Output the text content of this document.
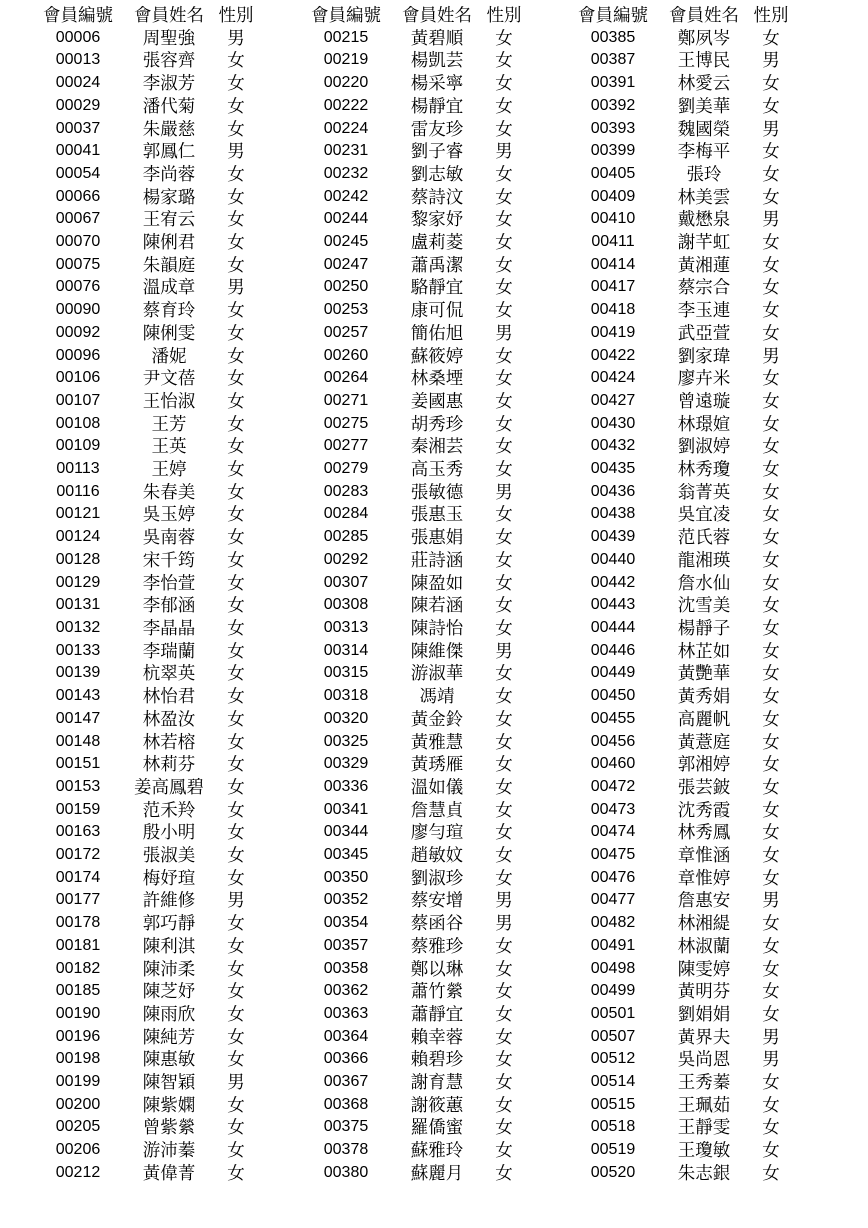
會員編號	會員姓名	性別
00006	周聖強	男
00013	張容齊	女
00024	李淑芳	女
00029	潘代菊	女
00037	朱嚴慈	女
00041	郭鳳仁	男
00054	李尚蓉	女
00066	楊家璐	女
00067	王宥云	女
00070	陳俐君	女
00075	朱韻庭	女
00076	溫成章	男
00090	蔡育玲	女
00092	陳俐雯	女
00096	潘妮	女
00106	尹文蓓	女
00107	王怡淑	女
00108	王芳	女
00109	王英	女
00113	王婷	女
00116	朱春美	女
00121	吳玉婷	女
00124	吳南蓉	女
00128	宋千筠	女
00129	李怡萱	女
00131	李郁涵	女
00132	李晶晶	女
00133	李瑞蘭	女
00139	杭翠英	女
00143	林怡君	女
00147	林盈汝	女
00148	林若榕	女
00151	林莉芬	女
00153	姜高鳳碧	女
00159	范禾羚	女
00163	殷小明	女
00172	張淑美	女
00174	梅妤瑄	女
00177	許維修	男
00178	郭巧靜	女
00181	陳利淇	女
00182	陳沛柔	女
00185	陳芝妤	女
00190	陳雨欣	女
00196	陳純芳	女
00198	陳惠敏	女
00199	陳智穎	男
00200	陳紫嫻	女
00205	曾紫縈	女
00206	游沛蓁	女
00212	黃偉菁	女
會員編號	會員姓名	性別
00215	黃碧順	女
00219	楊凱芸	女
00220	楊采寧	女
00222	楊靜宜	女
00224	雷友珍	女
00231	劉子睿	男
00232	劉志敏	女
00242	蔡詩汶	女
00244	黎家妤	女
00245	盧莉菱	女
00247	蕭禹潔	女
00250	駱靜宜	女
00253	康可侃	女
00257	簡佑旭	男
00260	蘇筱婷	女
00264	林桑堙	女
00271	姜國惠	女
00275	胡秀珍	女
00277	秦湘芸	女
00279	高玉秀	女
00283	張敏德	男
00284	張惠玉	女
00285	張惠娟	女
00292	莊詩涵	女
00307	陳盈如	女
00308	陳若涵	女
00313	陳詩怡	女
00314	陳維傑	男
00315	游淑華	女
00318	馮靖	女
00320	黃金鈴	女
00325	黃雅慧	女
00329	黃琇雁	女
00336	溫如儀	女
00341	詹慧貞	女
00344	廖勻瑄	女
00345	趙敏妏	女
00350	劉淑珍	女
00352	蔡安增	男
00354	蔡函谷	男
00357	蔡雅珍	女
00358	鄭以琳	女
00362	蕭竹縈	女
00363	蕭靜宜	女
00364	賴幸蓉	女
00366	賴碧珍	女
00367	謝育慧	女
00368	謝筱蕙	女
00375	羅僑蜜	女
00378	蘇雅玲	女
00380	蘇麗月	女
會員編號	會員姓名	性別
00385	鄭夙岑	女
00387	王博民	男
00391	林愛云	女
00392	劉美華	女
00393	魏國榮	男
00399	李梅平	女
00405	張玲	女
00409	林美雲	女
00410	戴懋泉	男
00411	謝芊虹	女
00414	黃湘蓮	女
00417	蔡宗合	女
00418	李玉連	女
00419	武亞萱	女
00422	劉家瑋	男
00424	廖卉米	女
00427	曾遠璇	女
00430	林璟媗	女
00432	劉淑婷	女
00435	林秀瓊	女
00436	翁菁英	女
00438	吳宜凌	女
00439	范氏蓉	女
00440	龍湘瑛	女
00442	詹水仙	女
00443	沈雪美	女
00444	楊靜子	女
00446	林芷如	女
00449	黃艷華	女
00450	黃秀娟	女
00455	高麗帆	女
00456	黃薏庭	女
00460	郭湘婷	女
00472	張芸鈹	女
00473	沈秀霞	女
00474	林秀鳳	女
00475	章惟涵	女
00476	章惟婷	女
00477	詹惠安	男
00482	林湘緹	女
00491	林淑蘭	女
00498	陳雯婷	女
00499	黃明芬	女
00501	劉娟娟	女
00507	黃界夫	男
00512	吳尚恩	男
00514	王秀蓁	女
00515	王珮茹	女
00518	王靜雯	女
00519	王瓊敏	女
00520	朱志銀	女
